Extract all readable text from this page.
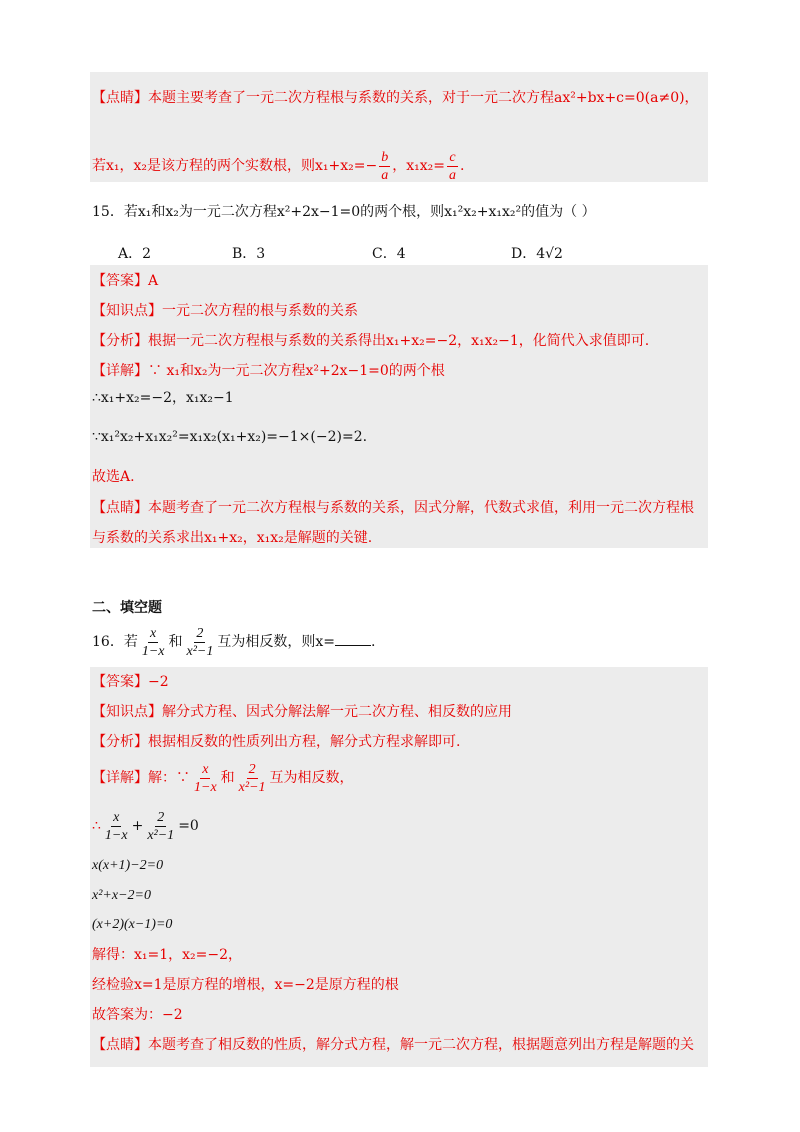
【点睛】本题主要考查了一元二次方程根与系数的关系，对于一元二次方程ax²+bx+c=0(a≠0)，
若x₁，x₂是该方程的两个实数根，则$x_1+x_2=- \frac{b}{a}$ ，$x_1x_2= \frac{c}{a}$ .
15．若x₁和x₂为一元二次方程x²+2x−1=0的两个根，则x₁²x₂+x₁x₂²的值为（ ）
A．2	B．3	C．4	D．4√2
【答案】A
【知识点】一元二次方程的根与系数的关系
【分析】根据一元二次方程根与系数的关系得出x₁+x₂=−2，x₁x₂−1，化简代入求值即可.
【详解】∵ x₁和x₂为一元二次方程x²+2x−1=0的两个根
∴x₁+x₂=−2，x₁x₂−1
∵x₁²x₂+x₁x₂²=x₁x₂(x₁+x₂)=−1×(−2)=2.
故选A.
【点睛】本题考查了一元二次方程根与系数的关系，因式分解，代数式求值，利用一元二次方程根
与系数的关系求出x₁+x₂，x₁x₂是解题的关键.
二、填空题
16．若 $\frac{x}{1-x}$ 和 $\frac{2}{\text{x²−1}}$ 互为相反数，则x=	.
【答案】−2
【知识点】解分式方程、因式分解法解一元二次方程、相反数的应用
【分析】根据相反数的性质列出方程，解分式方程求解即可.
【详解】解：∵ $\frac{x}{1-x}$ 和 $\frac{2}{\text{x²−1}}$ 互为相反数，
∴ $\frac{x}{1-x} + \frac{2}{\text{x²−1}} =0$
x(x+1)−2=0
x²+x−2=0
(x+2)(x−1)=0
解得：x₁=1，x₂=−2，
经检验x=1是原方程的增根，x=−2是原方程的根
故答案为：−2
【点睛】本题考查了相反数的性质，解分式方程，解一元二次方程，根据题意列出方程是解题的关
